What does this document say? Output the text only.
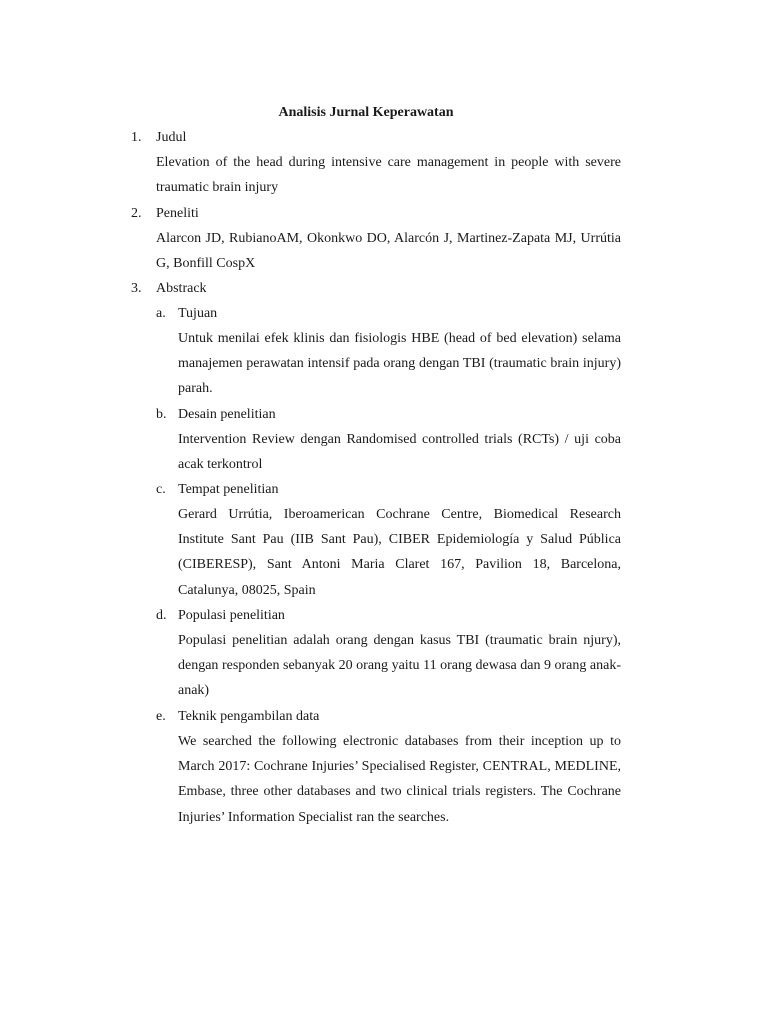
Analisis Jurnal Keperawatan
1. Judul
Elevation of the head during intensive care management in people with severe traumatic brain injury
2. Peneliti
Alarcon JD, RubianoAM, Okonkwo DO, Alarcón J, Martinez-Zapata MJ, Urrútia G, Bonfill CospX
3. Abstrack
a. Tujuan
Untuk menilai efek klinis dan fisiologis HBE (head of bed elevation) selama manajemen perawatan intensif pada orang dengan TBI (traumatic brain injury) parah.
b. Desain penelitian
Intervention Review dengan Randomised controlled trials (RCTs) / uji coba acak terkontrol
c. Tempat penelitian
Gerard Urrútia, Iberoamerican Cochrane Centre, Biomedical Research Institute Sant Pau (IIB Sant Pau), CIBER Epidemiología y Salud Pública (CIBERESP), Sant Antoni Maria Claret 167, Pavilion 18, Barcelona, Catalunya, 08025, Spain
d. Populasi penelitian
Populasi penelitian adalah orang dengan kasus TBI (traumatic brain njury), dengan responden sebanyak 20 orang yaitu 11 orang dewasa dan 9 orang anak-anak)
e. Teknik pengambilan data
We searched the following electronic databases from their inception up to March 2017: Cochrane Injuries’ Specialised Register, CENTRAL, MEDLINE, Embase, three other databases and two clinical trials registers. The Cochrane Injuries’ Information Specialist ran the searches.
